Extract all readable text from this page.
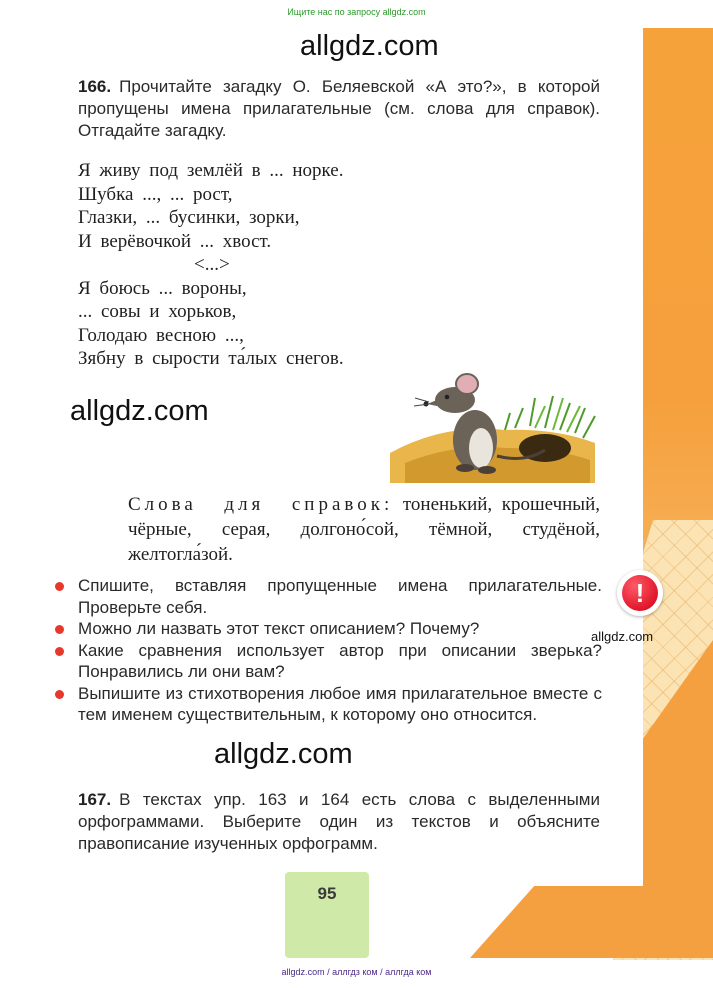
Ищите нас по запросу allgdz.com
allgdz.com
166. Прочитайте загадку О. Беляевской «А это?», в которой пропущены имена прилагательные (см. слова для справок). Отгадайте загадку.
Я живу под землёй в ... норке.
Шубка ..., ... рост,
Глазки, ... бусинки, зорки,
И верёвочкой ... хвост.
<...>
Я боюсь ... вороны,
... совы и хорьков,
Голодаю весною ...,
Зябну в сырости та́лых снегов.
allgdz.com
Слова для справок: тоненький, крошечный, чёрные, серая, долгоно́сой, тёмной, студёной, желтогла́зой.
Спишите, вставляя пропущенные имена прилагательные. Проверьте себя.
Можно ли назвать этот текст описанием? Почему?
Какие сравнения использует автор при описании зверька? Понравились ли они вам?
Выпишите из стихотворения любое имя прилагательное вместе с тем именем существительным, к которому оно относится.
!
allgdz.com
allgdz.com
167. В текстах упр. 163 и 164 есть слова с выделенными орфограммами. Выберите один из текстов и объясните правописание изученных орфограмм.
95
allgdz.com / аллгдз ком / аллгда ком
